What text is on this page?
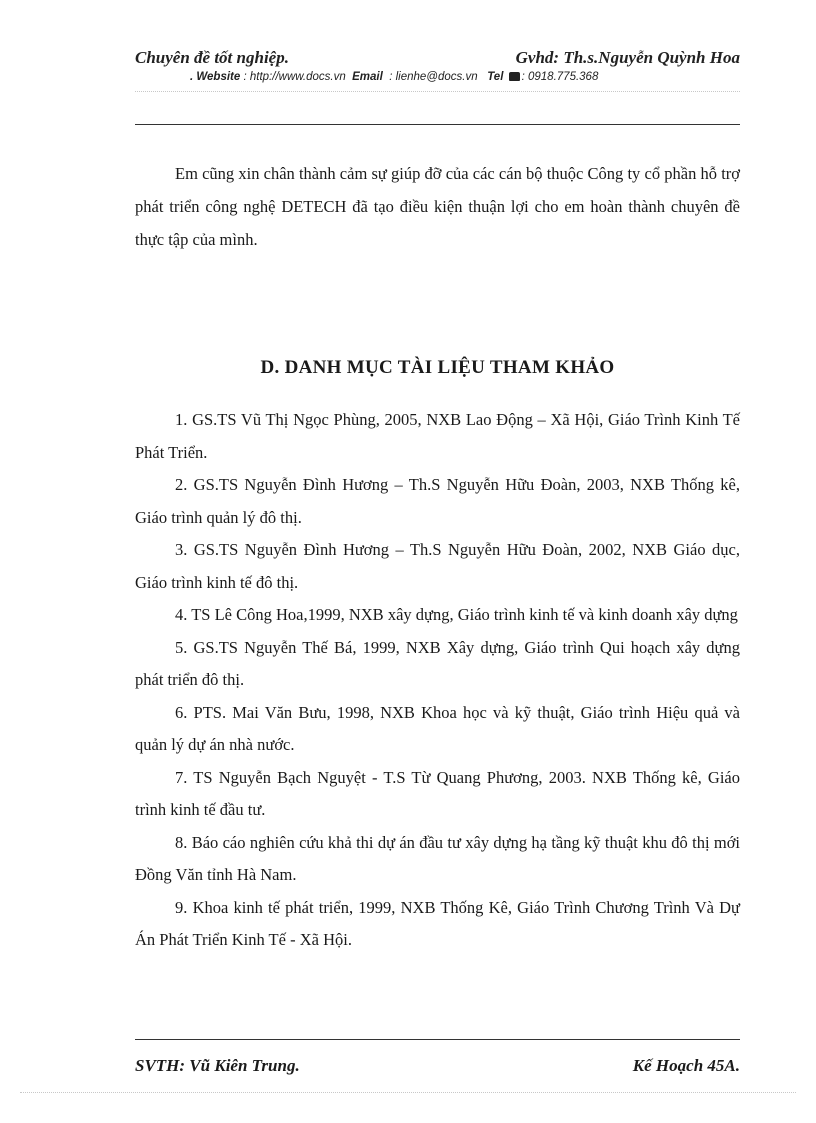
Chuyên đề tốt nghiệp.	Gvhd: Th.s.Nguyễn Quỳnh Hoa
. Website : http://www.docs.vn Email : lienhe@docs.vn Tel : 0918.775.368

Em cũng xin chân thành cảm sự giúp đỡ của các cán bộ thuộc Công ty cổ phần hỗ trợ phát triển công nghệ DETECH đã tạo điều kiện thuận lợi cho em hoàn thành chuyên đề thực tập của mình.

D. DANH MỤC TÀI LIỆU THAM KHẢO
1. GS.TS Vũ Thị Ngọc Phùng, 2005, NXB Lao Động – Xã Hội, Giáo Trình Kinh Tế Phát Triển.
2. GS.TS Nguyễn Đình Hương – Th.S Nguyễn Hữu Đoàn, 2003, NXB Thống kê, Giáo trình quản lý đô thị.
3. GS.TS Nguyễn Đình Hương – Th.S Nguyễn Hữu Đoàn, 2002, NXB Giáo dục, Giáo trình kinh tế đô thị.
4. TS Lê Công Hoa,1999, NXB xây dựng, Giáo trình kinh tế và kinh doanh xây dựng
5. GS.TS Nguyễn Thế Bá, 1999, NXB Xây dựng, Giáo trình Qui hoạch xây dựng phát triển đô thị.
6. PTS. Mai Văn Bưu, 1998, NXB Khoa học và kỹ thuật, Giáo trình Hiệu quả và quản lý dự án nhà nước.
7. TS Nguyễn Bạch Nguyệt - T.S Từ Quang Phương, 2003. NXB Thống kê, Giáo trình kinh tế đầu tư.
8. Báo cáo nghiên cứu khả thi dự án đầu tư xây dựng hạ tầng kỹ thuật khu đô thị mới Đồng Văn tỉnh Hà Nam.
9. Khoa kinh tế phát triển, 1999, NXB Thống Kê, Giáo Trình Chương Trình Và Dự Án Phát Triển Kinh Tế - Xã Hội.
SVTH: Vũ Kiên Trung.	Kế Hoạch 45A.
